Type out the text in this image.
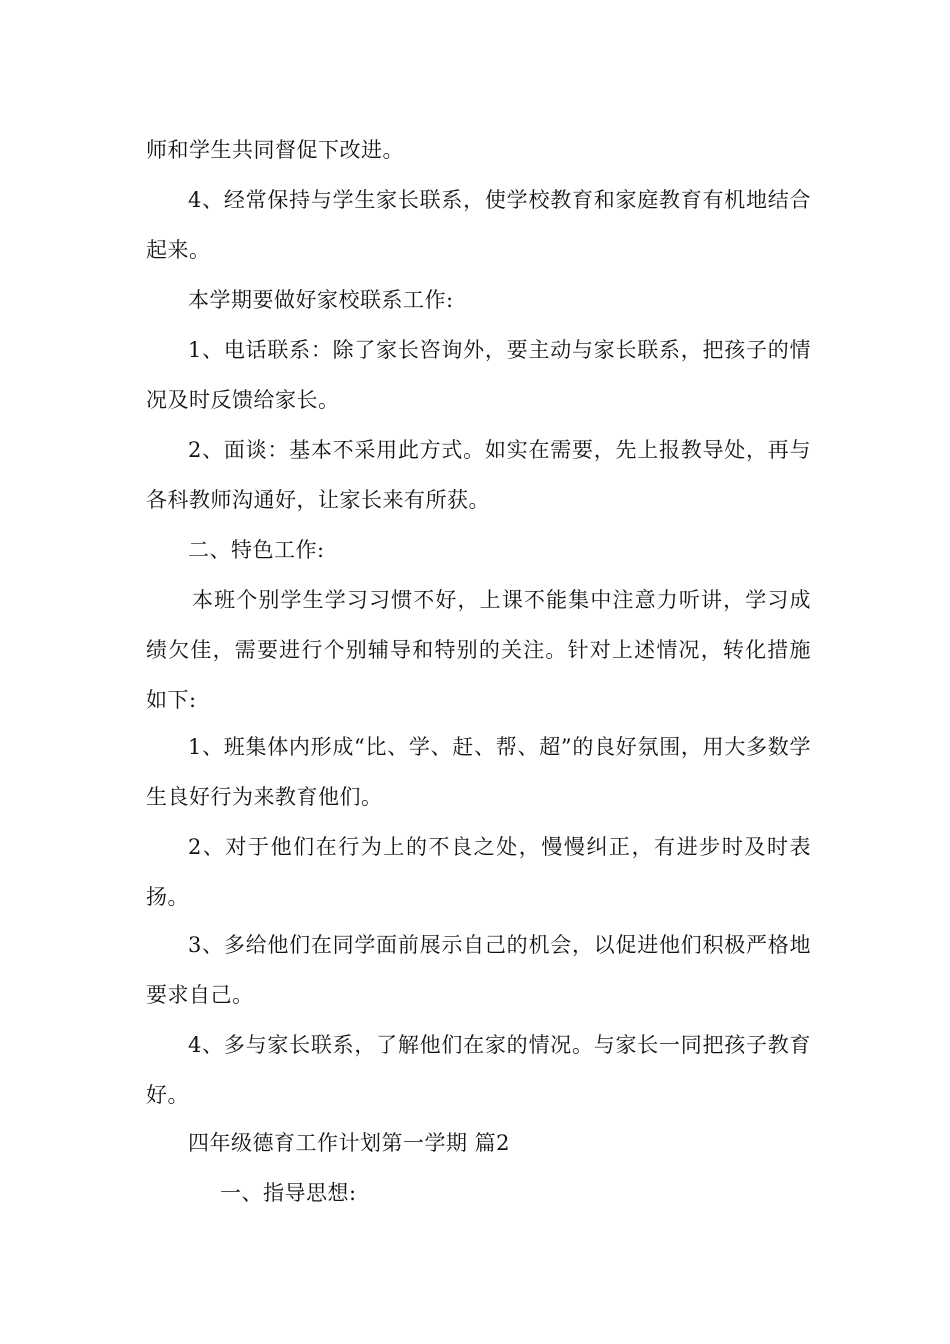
师和学生共同督促下改进。

4、经常保持与学生家长联系，使学校教育和家庭教育有机地结合起来。

本学期要做好家校联系工作:

1、电话联系：除了家长咨询外，要主动与家长联系，把孩子的情况及时反馈给家长。

2、面谈：基本不采用此方式。如实在需要，先上报教导处，再与各科教师沟通好，让家长来有所获。

二、特色工作:

本班个别学生学习习惯不好，上课不能集中注意力听讲，学习成绩欠佳，需要进行个别辅导和特别的关注。针对上述情况，转化措施如下:

1、班集体内形成“比、学、赶、帮、超”的良好氛围，用大多数学生良好行为来教育他们。

2、对于他们在行为上的不良之处，慢慢纠正，有进步时及时表扬。

3、多给他们在同学面前展示自己的机会，以促进他们积极严格地要求自己。

4、多与家长联系，了解他们在家的情况。与家长一同把孩子教育好。

四年级德育工作计划第一学期 篇2

一、指导思想:
